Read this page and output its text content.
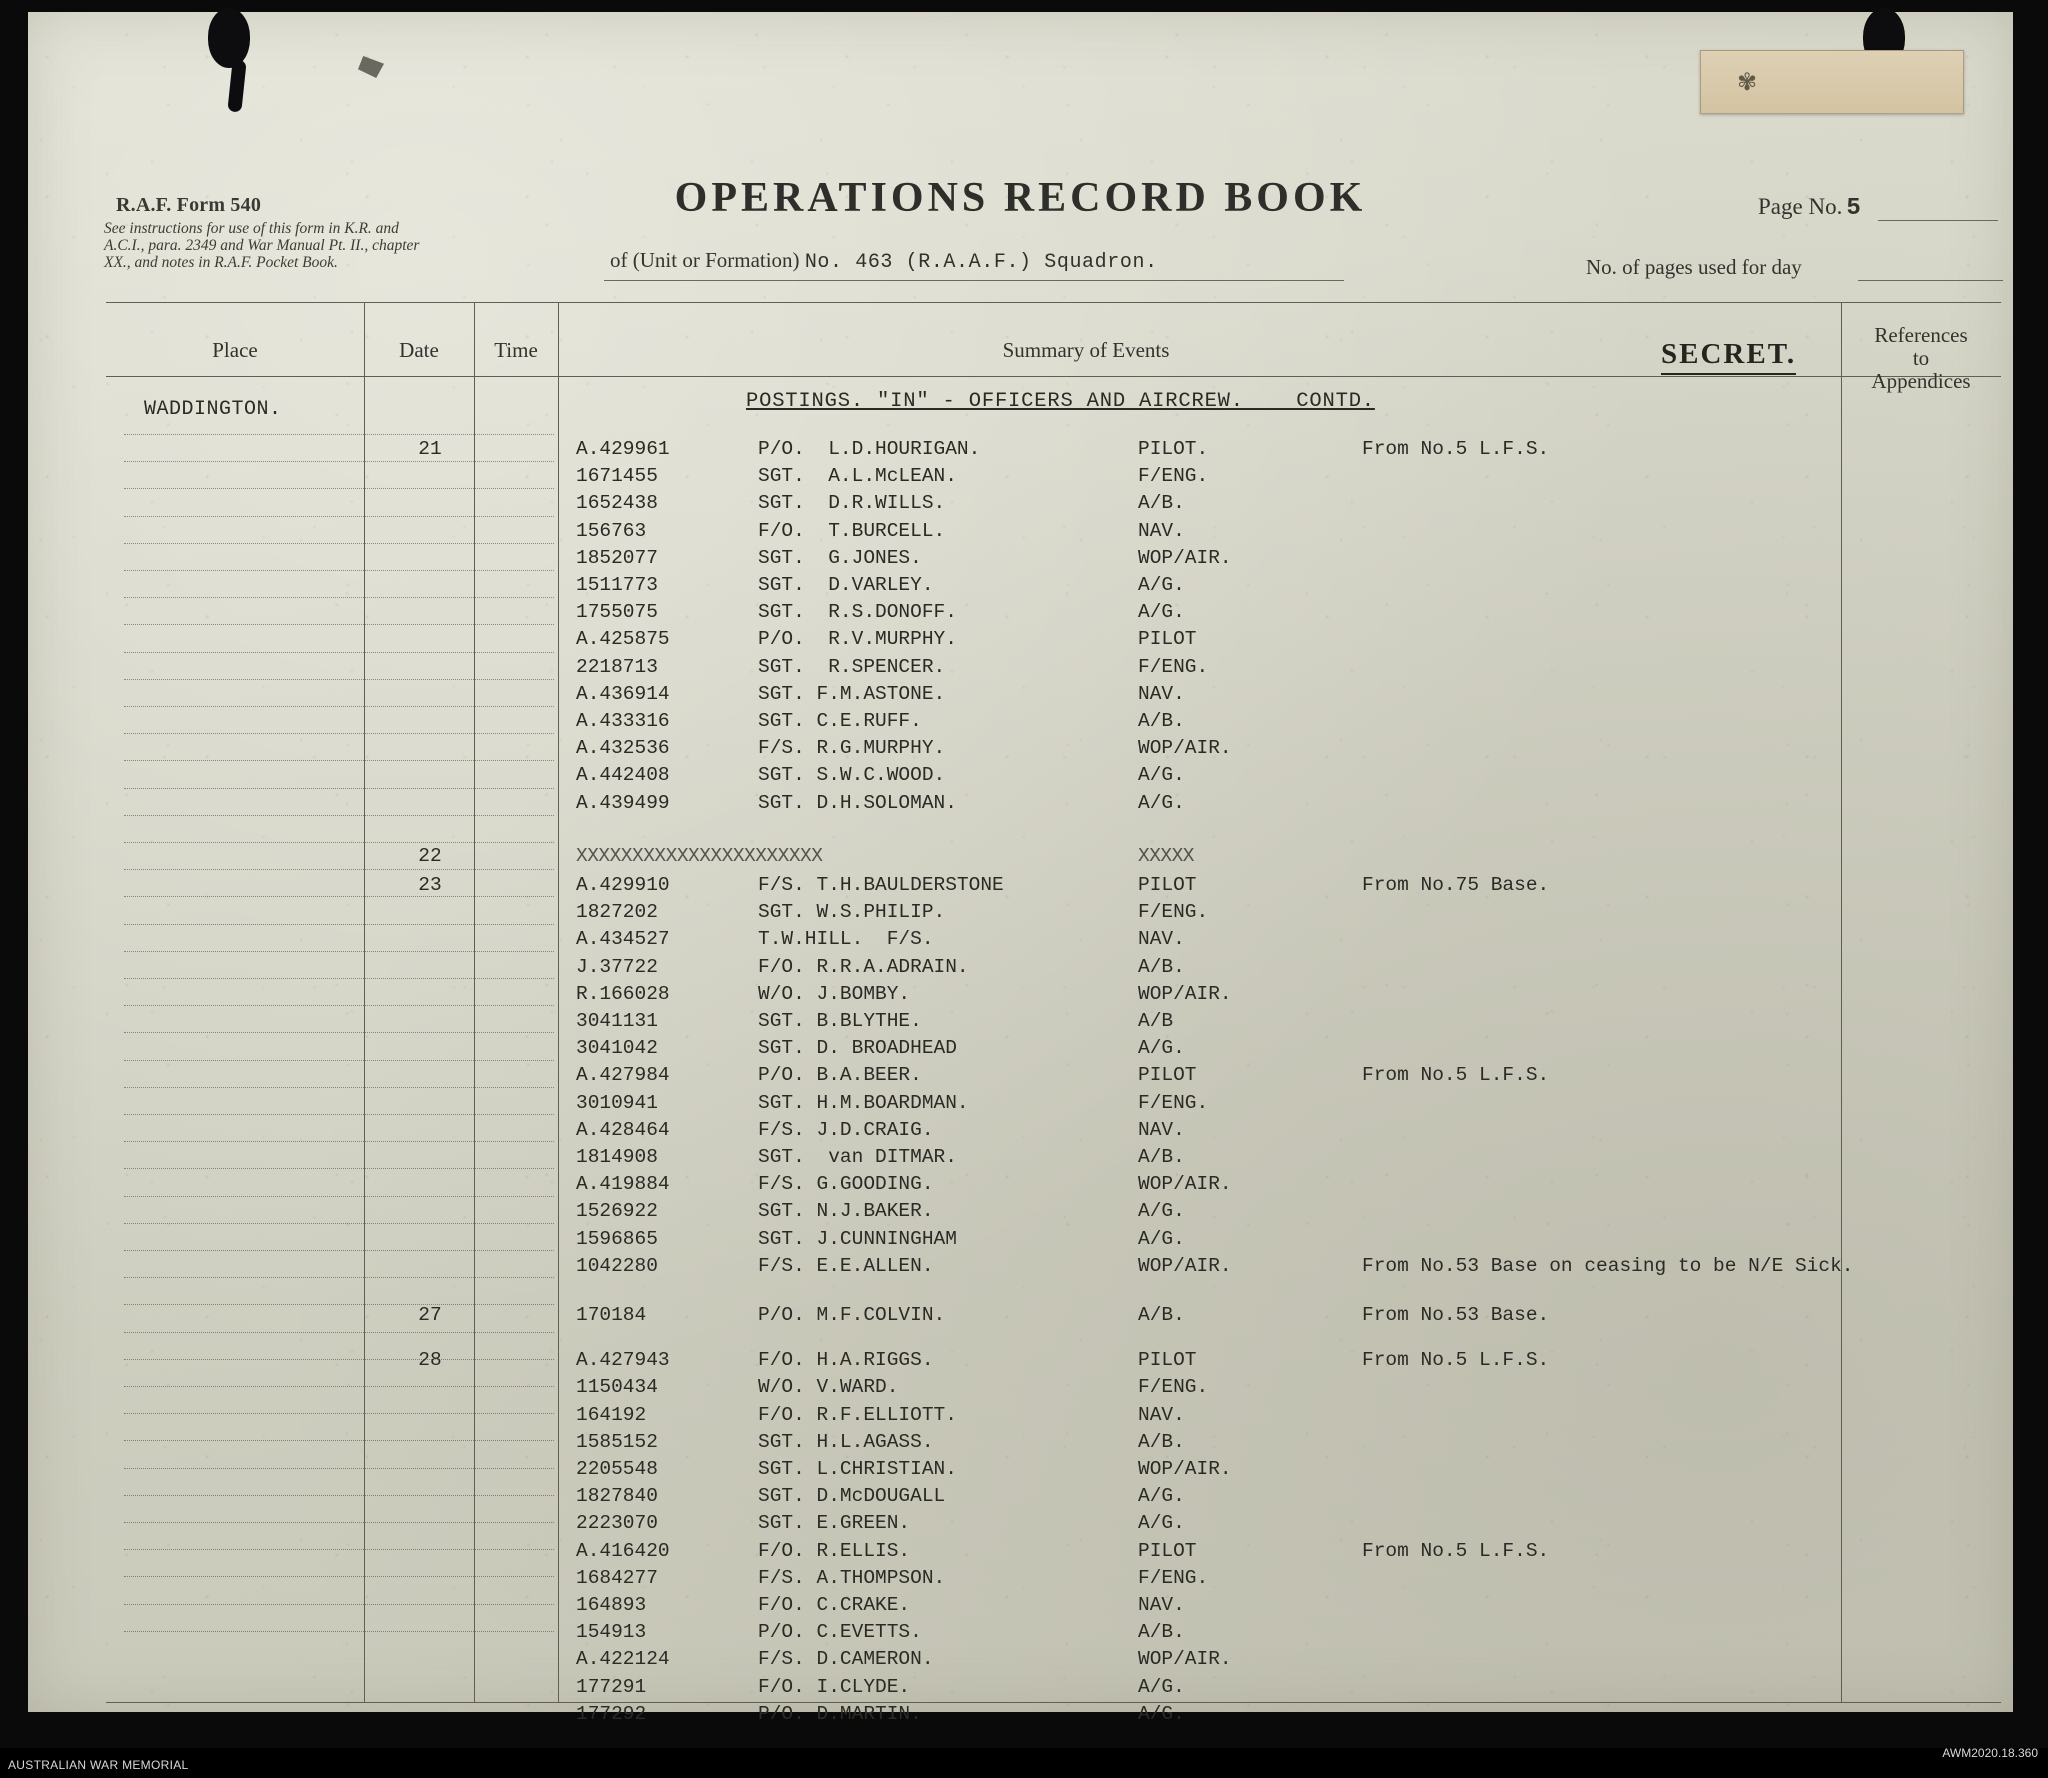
✾
R.A.F. Form 540
See instructions for use of this form in K.R. and A.C.I., para. 2349 and War Manual Pt. II., chapter XX., and notes in R.A.F. Pocket Book.
OPERATIONS RECORD BOOK
of (Unit or Formation) No. 463 (R.A.A.F.) Squadron.
Page No. 5
No. of pages used for day
Place	Date	Time	Summary of Events
References
to
Appendices
SECRET.
WADDINGTON.	POSTINGS. "IN" - OFFICERS AND AIRCREW.    CONTD.
21	A.429961	P/O.  L.D.HOURIGAN.	PILOT.	From No.5 L.F.S.
1671455	SGT.  A.L.McLEAN.	F/ENG.
1652438	SGT.  D.R.WILLS.	A/B.
156763	F/O.  T.BURCELL.	NAV.
1852077	SGT.  G.JONES.	WOP/AIR.
1511773	SGT.  D.VARLEY.	A/G.
1755075	SGT.  R.S.DONOFF.	A/G.
A.425875	P/O.  R.V.MURPHY.	PILOT
2218713	SGT.  R.SPENCER.	F/ENG.
A.436914	SGT. F.M.ASTONE.	NAV.
A.433316	SGT. C.E.RUFF.	A/B.
A.432536	F/S. R.G.MURPHY.	WOP/AIR.
A.442408	SGT. S.W.C.WOOD.	A/G.
A.439499	SGT. D.H.SOLOMAN.	A/G.
22	XXXXXXXXXXXXXXXXXXXXXX	XXXXX
23	A.429910	F/S. T.H.BAULDERSTONE	PILOT	From No.75 Base.
1827202	SGT. W.S.PHILIP.	F/ENG.
A.434527	T.W.HILL.  F/S.	NAV.
J.37722	F/O. R.R.A.ADRAIN.	A/B.
R.166028	W/O. J.BOMBY.	WOP/AIR.
3041131	SGT. B.BLYTHE.	A/B
3041042	SGT. D. BROADHEAD	A/G.
A.427984	P/O. B.A.BEER.	PILOT	From No.5 L.F.S.
3010941	SGT. H.M.BOARDMAN.	F/ENG.
A.428464	F/S. J.D.CRAIG.	NAV.
1814908	SGT.  van DITMAR.	A/B.
A.419884	F/S. G.GOODING.	WOP/AIR.
1526922	SGT. N.J.BAKER.	A/G.
1596865	SGT. J.CUNNINGHAM	A/G.
1042280	F/S. E.E.ALLEN.	WOP/AIR.	From No.53 Base on ceasing to be N/E Sick.
27	170184	P/O. M.F.COLVIN.	A/B.	From No.53 Base.
28	A.427943	F/O. H.A.RIGGS.	PILOT	From No.5 L.F.S.
1150434	W/O. V.WARD.	F/ENG.
164192	F/O. R.F.ELLIOTT.	NAV.
1585152	SGT. H.L.AGASS.	A/B.
2205548	SGT. L.CHRISTIAN.	WOP/AIR.
1827840	SGT. D.McDOUGALL	A/G.
2223070	SGT. E.GREEN.	A/G.
A.416420	F/O. R.ELLIS.	PILOT	From No.5 L.F.S.
1684277	F/S. A.THOMPSON.	F/ENG.
164893	F/O. C.CRAKE.	NAV.
154913	P/O. C.EVETTS.	A/B.
A.422124	F/S. D.CAMERON.	WOP/AIR.
177291	F/O. I.CLYDE.	A/G.
177292	P/O. D.MARTIN.	A/G.
AUSTRALIAN WAR MEMORIAL
AWM2020.18.360
